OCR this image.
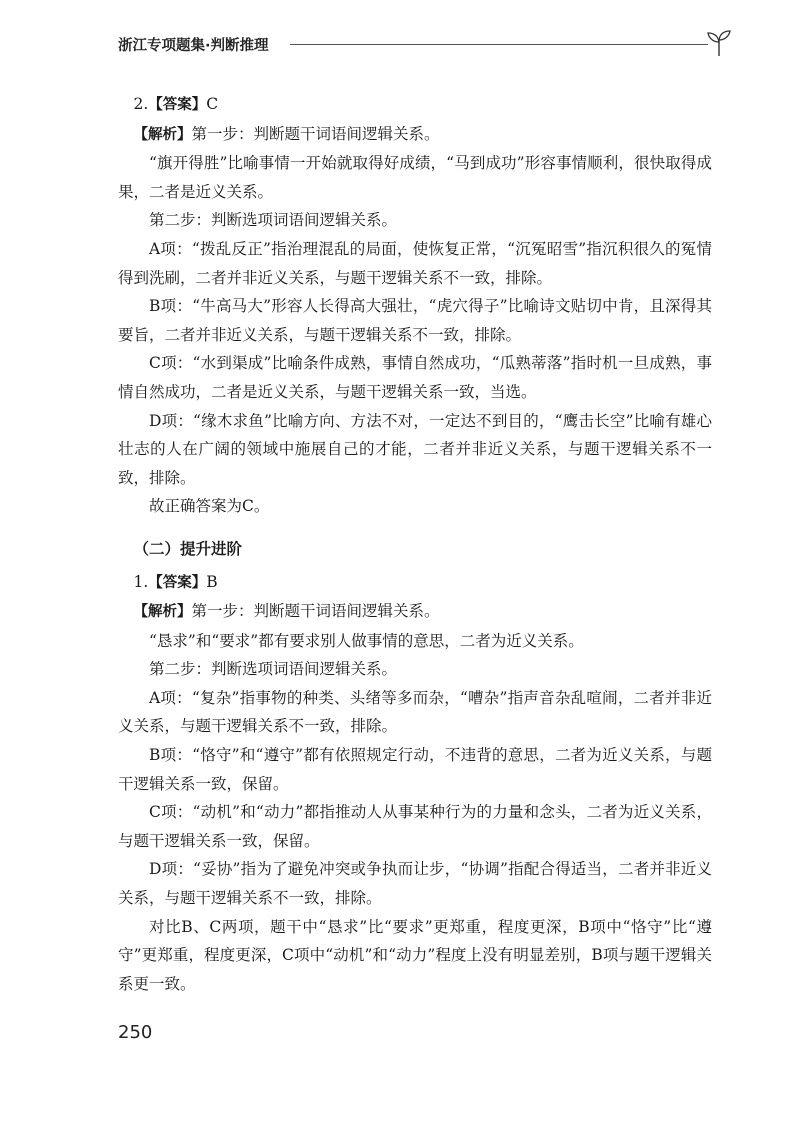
浙江专项题集·判断推理

2.【答案】C

【解析】第一步：判断题干词语间逻辑关系。

“旗开得胜”比喻事情一开始就取得好成绩，“马到成功”形容事情顺利，很快取得成果，二者是近义关系。

第二步：判断选项词语间逻辑关系。

A项：“拨乱反正”指治理混乱的局面，使恢复正常，“沉冤昭雪”指沉积很久的冤情得到洗刷，二者并非近义关系，与题干逻辑关系不一致，排除。

B项：“牛高马大”形容人长得高大强壮，“虎穴得子”比喻诗文贴切中肯，且深得其要旨，二者并非近义关系，与题干逻辑关系不一致，排除。

C项：“水到渠成”比喻条件成熟，事情自然成功，“瓜熟蒂落”指时机一旦成熟，事情自然成功，二者是近义关系，与题干逻辑关系一致，当选。

D项：“缘木求鱼”比喻方向、方法不对，一定达不到目的，“鹰击长空”比喻有雄心壮志的人在广阔的领域中施展自己的才能，二者并非近义关系，与题干逻辑关系不一致，排除。

故正确答案为C。

（二）提升进阶

1.【答案】B

【解析】第一步：判断题干词语间逻辑关系。

“恳求”和“要求”都有要求别人做事情的意思，二者为近义关系。

第二步：判断选项词语间逻辑关系。

A项：“复杂”指事物的种类、头绪等多而杂，“嘈杂”指声音杂乱喧闹，二者并非近义关系，与题干逻辑关系不一致，排除。

B项：“恪守”和“遵守”都有依照规定行动，不违背的意思，二者为近义关系，与题干逻辑关系一致，保留。

C项：“动机”和“动力”都指推动人从事某种行为的力量和念头，二者为近义关系，与题干逻辑关系一致，保留。

D项：“妥协”指为了避免冲突或争执而让步，“协调”指配合得适当，二者并非近义关系，与题干逻辑关系不一致，排除。

对比B、C两项，题干中“恳求”比“要求”更郑重，程度更深，B项中“恪守”比“遵守”更郑重，程度更深，C项中“动机”和“动力”程度上没有明显差别，B项与题干逻辑关系更一致。

250
